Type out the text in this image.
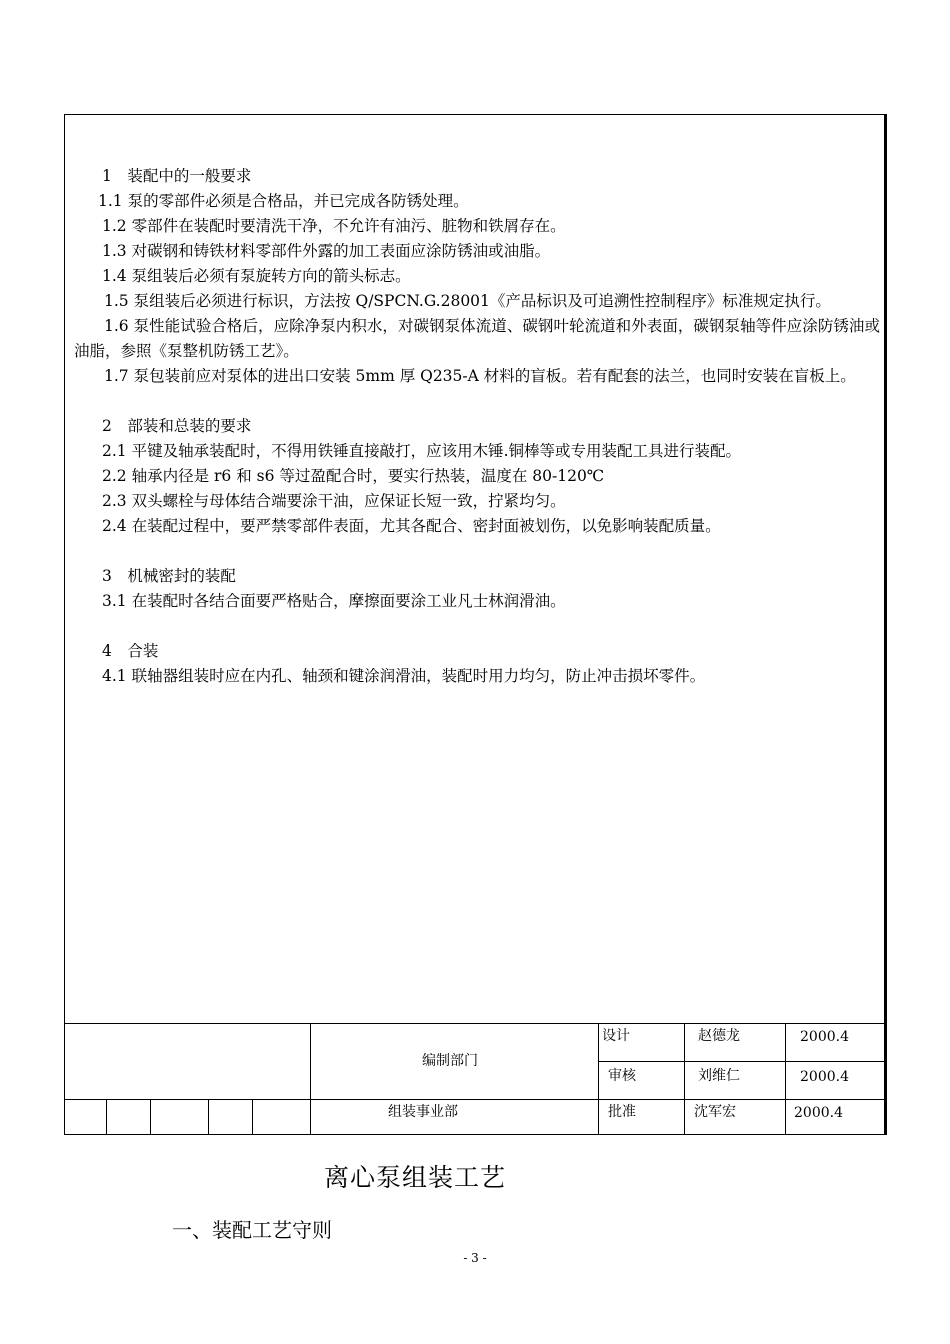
1　装配中的一般要求
1.1 泵的零部件必须是合格品，并已完成各防锈处理。
1.2 零部件在装配时要清洗干净，不允许有油污、脏物和铁屑存在。
1.3 对碳钢和铸铁材料零部件外露的加工表面应涂防锈油或油脂。
1.4 泵组装后必须有泵旋转方向的箭头标志。
1.5 泵组装后必须进行标识，方法按 Q/SPCN.G.28001《产品标识及可追溯性控制程序》标准规定执行。
1.6 泵性能试验合格后，应除净泵内积水，对碳钢泵体流道、碳钢叶轮流道和外表面，碳钢泵轴等件应涂防锈油或油脂，参照《泵整机防锈工艺》。
1.7 泵包装前应对泵体的进出口安装 5mm 厚 Q235-A 材料的盲板。若有配套的法兰，也同时安装在盲板上。
2　部装和总装的要求
2.1 平键及轴承装配时，不得用铁锤直接敲打，应该用木锤.铜棒等或专用装配工具进行装配。
2.2 轴承内径是 r6 和 s6 等过盈配合时，要实行热装，温度在 80-120℃
2.3 双头螺栓与母体结合端要涂干油，应保证长短一致，拧紧均匀。
2.4 在装配过程中，要严禁零部件表面，尤其各配合、密封面被划伤，以免影响装配质量。
3　机械密封的装配
3.1 在装配时各结合面要严格贴合，摩擦面要涂工业凡士林润滑油。
4　合装
4.1 联轴器组装时应在内孔、轴颈和键涂润滑油，装配时用力均匀，防止冲击损坏零件。
编制部门
设计	赵德龙	2000.4
审核	刘维仁	2000.4
组装事业部	批准	沈军宏	2000.4
离心泵组装工艺
一、装配工艺守则
- 3 -
